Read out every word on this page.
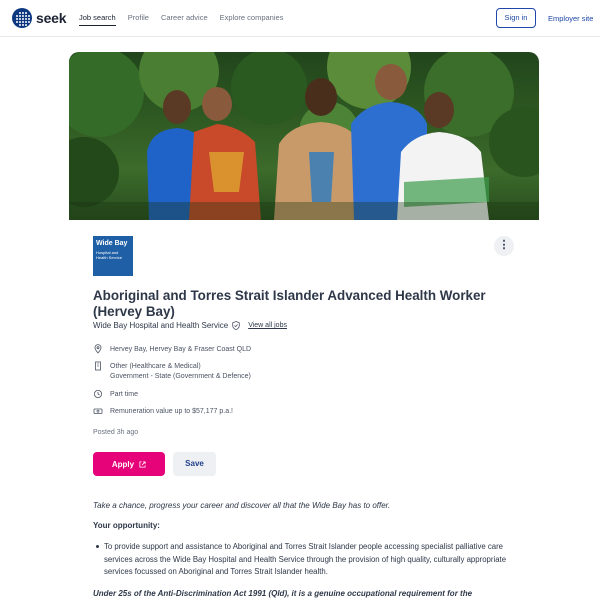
seek Job search Profile Career advice Explore companies	Sign in	Employer site
Wide Bay
Hospital and
Health Service
⋮
Aboriginal and Torres Strait Islander Advanced Health Worker (Hervey Bay)
Wide Bay Hospital and Health Service	View all jobs
Hervey Bay, Hervey Bay & Fraser Coast QLD
Other (Healthcare & Medical)
Government - State (Government & Defence)
Part time
Remuneration value up to $57,177 p.a.!
Posted 3h ago
Apply	Save
Take a chance, progress your career and discover all that the Wide Bay has to offer.
Your opportunity:
To provide support and assistance to Aboriginal and Torres Strait Islander people accessing specialist palliative care services across the Wide Bay Hospital and Health Service through the provision of high quality, culturally appropriate services focussed on Aboriginal and Torres Strait Islander health.
Under 25s of the Anti-Discrimination Act 1991 (Qld), it is a genuine occupational requirement for the
